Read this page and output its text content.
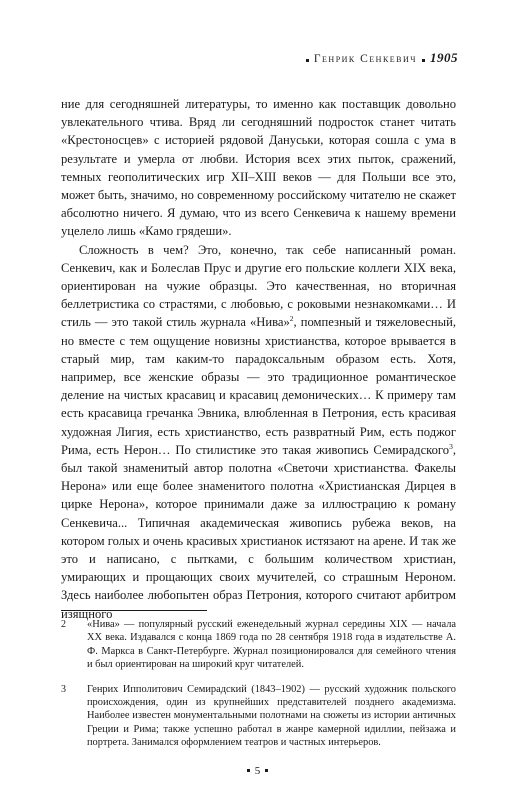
Генрик Сенкевич 1905

ние для сегодняшней литературы, то именно как поставщик довольно увлекательного чтива. Вряд ли сегодняшний подросток станет читать «Крестоносцев» с историей рядовой Дануськи, которая сошла с ума в результате и умерла от любви. История всех этих пыток, сражений, темных геополитических игр XII–XIII веков — для Польши все это, может быть, значимо, но современному российскому читателю не скажет абсолютно ничего. Я думаю, что из всего Сенкевича к нашему времени уцелело лишь «Камо грядеши».

Сложность в чем? Это, конечно, так себе написанный роман. Сенкевич, как и Болеслав Прус и другие его польские коллеги XIX века, ориентирован на чужие образцы. Это качественная, но вторичная беллетристика со страстями, с любовью, с роковыми незнакомками… И стиль — это такой стиль журнала «Нива»$^2$, помпезный и тяжеловесный, но вместе с тем ощущение новизны христианства, которое врывается в старый мир, там каким-то парадоксальным образом есть. Хотя, например, все женские образы — это традиционное романтическое деление на чистых красавиц и красавиц демонических… К примеру там есть красавица гречанка Эвника, влюбленная в Петрония, есть красивая художная Лигия, есть христианство, есть развратный Рим, есть поджог Рима, есть Нерон… По стилистике это такая живопись Семирадского$^3$, был такой знаменитый автор полотна «Светочи христианства. Факелы Нерона» или еще более знаменитого полотна «Христианская Дирцея в цирке Нерона», которое принимали даже за иллюстрацию к роману Сенкевича... Типичная академическая живопись рубежа веков, на котором голых и очень красивых христианок истязают на арене. И так же это и написано, с пытками, с большим количеством христиан, умирающих и прощающих своих мучителей, со страшным Нероном. Здесь наиболее любопытен образ Петрония, которого считают арбитром изящного

2	«Нива» — популярный русский еженедельный журнал середины XIX — начала XX века. Издавался с конца 1869 года по 28 сентября 1918 года в издательстве А. Ф. Маркса в Санкт-Петербурге. Журнал позиционировался для семейного чтения и был ориентирован на широкий круг читателей.
3	Генрих Ипполитович Семирадский (1843–1902) — русский художник польского происхождения, один из крупнейших представителей позднего академизма. Наиболее известен монументальными полотнами на сюжеты из истории античных Греции и Рима; также успешно работал в жанре камерной идиллии, пейзажа и портрета. Занимался оформлением театров и частных интерьеров.
5
